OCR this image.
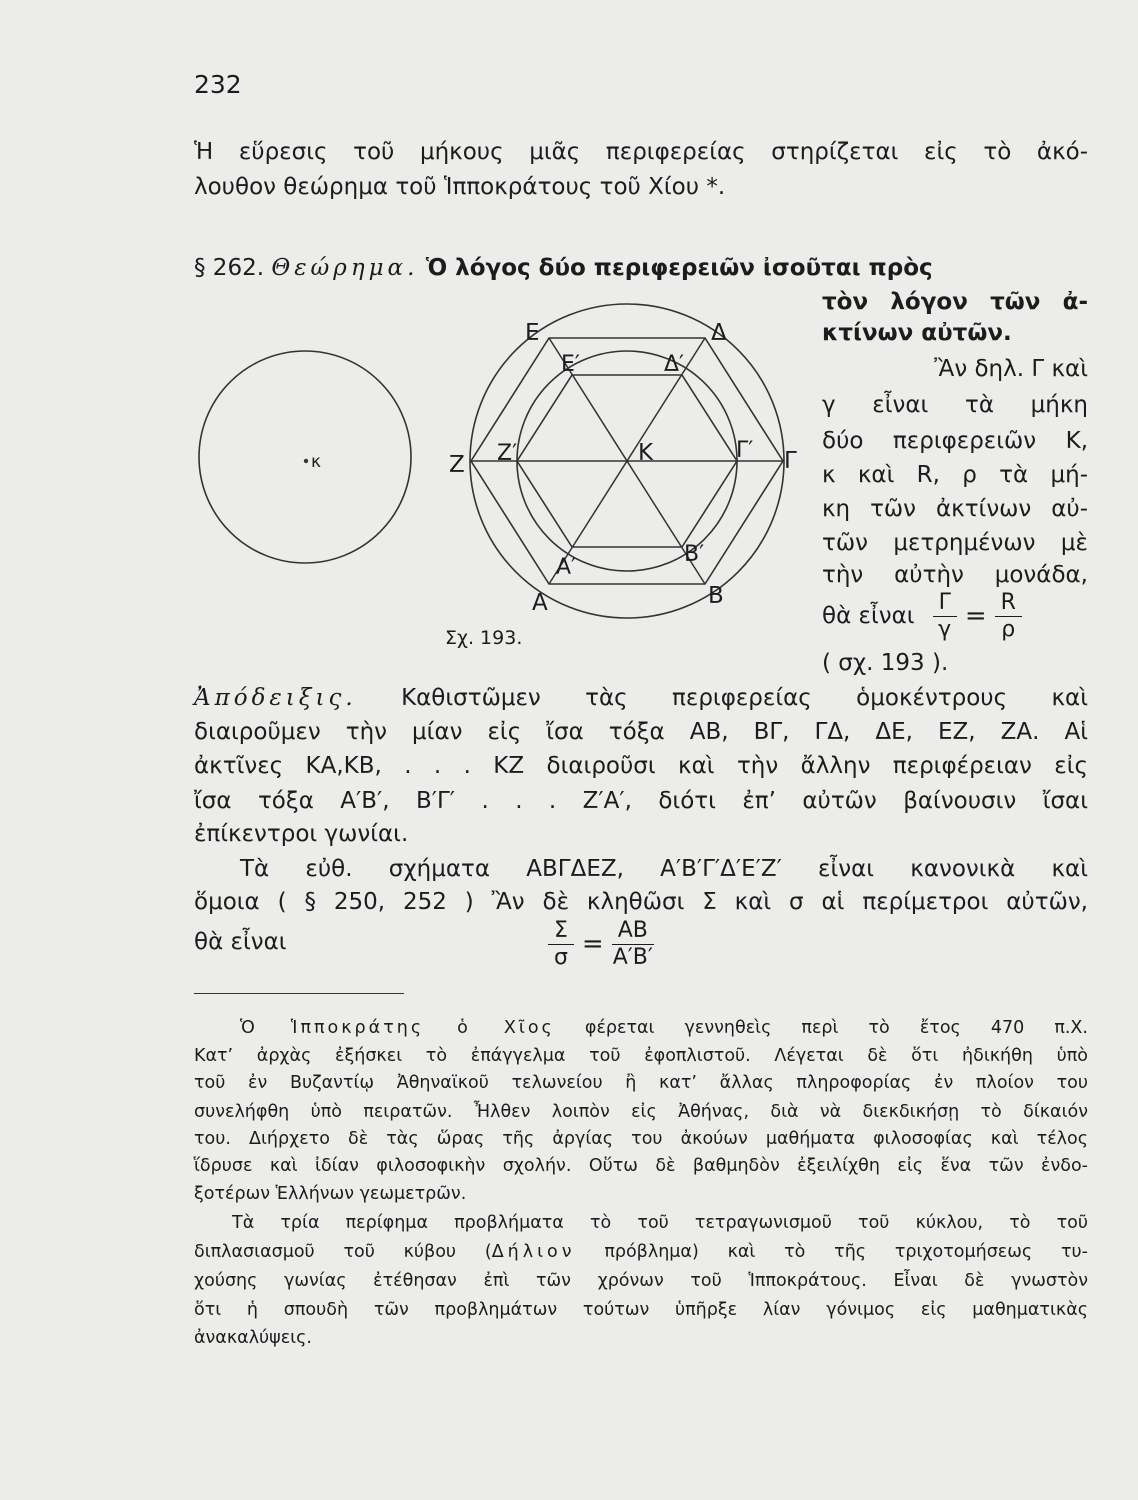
232
Ἡ εὕρεσις τοῦ μήκους μιᾶς περιφερείας στηρίζεται εἰς τὸ ἀκό-
λουθον θεώρημα τοῦ Ἱπποκράτους τοῦ Χίου *.
§ 262. Θεώρημα. Ὁ λόγος δύο περιφερειῶν ἰσοῦται πρὸς
τὸν λόγον τῶν ἀ-
κτίνων αὐτῶν.
Ἂν δηλ. Γ καὶ
γ εἶναι τὰ μήκη
δύο περιφερειῶν Κ,
κ καὶ R, ρ τὰ μή-
κη τῶν ἀκτίνων αὐ-
τῶν μετρημένων μὲ
τὴν αὐτὴν μονάδα,
θὰ εἶναι $\frac{\Gamma}{\gamma} = \frac{R}{\rho}$
( σχ. 193 ).
κ
Ε	Δ
Ζ	Γ
Α	Β
Κ
Ε′	Δ′
Ζ′	Γ′
Α′
Β′
Σχ. 193.
Ἀπόδειξις. Καθιστῶμεν τὰς περιφερείας ὁμοκέντρους καὶ
διαιροῦμεν τὴν μίαν εἰς ἴσα τόξα ΑΒ, ΒΓ, ΓΔ, ΔΕ, ΕΖ, ΖΑ. Αἱ
ἀκτῖνες ΚΑ,ΚΒ, . . . ΚΖ διαιροῦσι καὶ τὴν ἄλλην περιφέρειαν εἰς
ἴσα τόξα Α′Β′, Β′Γ′ . . . Ζ′Α′, διότι ἐπ’ αὐτῶν βαίνουσιν ἴσαι
ἐπίκεντροι γωνίαι.
Τὰ εὐθ. σχήματα ΑΒΓΔΕΖ, Α′Β′Γ′Δ′Ε′Ζ′ εἶναι κανονικὰ καὶ
ὅμοια ( § 250, 252 ) Ἂν δὲ κληθῶσι Σ καὶ σ αἱ περίμετροι αὐτῶν,
θὰ εἶναι	$\frac{\Sigma}{\sigma} = \frac{AB}{A'B'}$
Ὁ Ἱπποκράτης ὁ Χῖος φέρεται γεννηθεὶς περὶ τὸ ἔτος 470 π.Χ.
Κατ’ ἀρχὰς ἐξήσκει τὸ ἐπάγγελμα τοῦ ἐφοπλιστοῦ. Λέγεται δὲ ὅτι ἠδικήθη ὑπὸ
τοῦ ἐν Βυζαντίῳ Ἀθηναϊκοῦ τελωνείου ἢ κατ’ ἄλλας πληροφορίας ἐν πλοίον του
συνελήφθη ὑπὸ πειρατῶν. Ἦλθεν λοιπὸν εἰς Ἀθήνας, διὰ νὰ διεκδικήσῃ τὸ δίκαιόν
του. Διήρχετο δὲ τὰς ὥρας τῆς ἀργίας του ἀκούων μαθήματα φιλοσοφίας καὶ τέλος
ἵδρυσε καὶ ἰδίαν φιλοσοφικὴν σχολήν. Οὕτω δὲ βαθμηδὸν ἐξειλίχθη εἰς ἕνα τῶν ἐνδο-
ξοτέρων Ἑλλήνων γεωμετρῶν.
Τὰ τρία περίφημα προβλήματα τὸ τοῦ τετραγωνισμοῦ τοῦ κύκλου, τὸ τοῦ
διπλασιασμοῦ τοῦ κύβου (Δήλιον πρόβλημα) καὶ τὸ τῆς τριχοτομήσεως τυ-
χούσης γωνίας ἐτέθησαν ἐπὶ τῶν χρόνων τοῦ Ἱπποκράτους. Εἶναι δὲ γνωστὸν
ὅτι ἡ σπουδὴ τῶν προβλημάτων τούτων ὑπῆρξε λίαν γόνιμος εἰς μαθηματικὰς
ἀνακαλύψεις.
